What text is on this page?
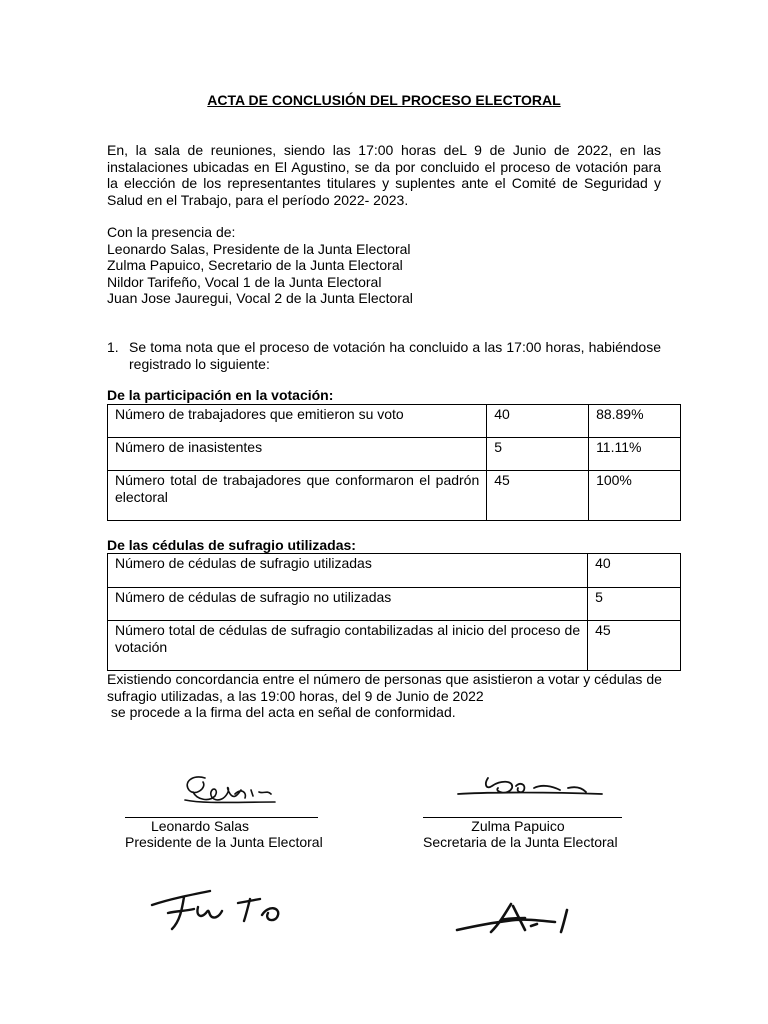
ACTA DE CONCLUSIÓN DEL PROCESO ELECTORAL
En, la sala de reuniones, siendo las 17:00 horas deL 9 de Junio de 2022, en las instalaciones ubicadas en El Agustino, se da por concluido el proceso de votación para la elección de los representantes titulares y suplentes ante el Comité de Seguridad y Salud en el Trabajo, para el período 2022- 2023.
Con la presencia de:
Leonardo Salas, Presidente de la Junta Electoral
Zulma Papuico, Secretario de la Junta Electoral
Nildor Tarifeño, Vocal 1 de la Junta Electoral
Juan Jose Jauregui, Vocal 2 de la Junta Electoral
1. Se toma nota que el proceso de votación ha concluido a las 17:00 horas, habiéndose registrado lo siguiente:
De la participación en la votación:
Número de trabajadores que emitieron su voto	40	88.89%
Número de inasistentes	5	11.11%
Número total de trabajadores que conformaron el padrón electoral	45	100%
De las cédulas de sufragio utilizadas:
Número de cédulas de sufragio utilizadas	40
Número de cédulas de sufragio no utilizadas	5
Número total de cédulas de sufragio contabilizadas al inicio del proceso de votación	45
Existiendo concordancia entre el número de personas que asistieron a votar y cédulas de
sufragio utilizadas, a las 19:00 horas, del 9 de Junio de 2022
se procede a la firma del acta en señal de conformidad.
Leonardo Salas
Presidente de la Junta Electoral
Zulma Papuico
Secretaria de la Junta Electoral
